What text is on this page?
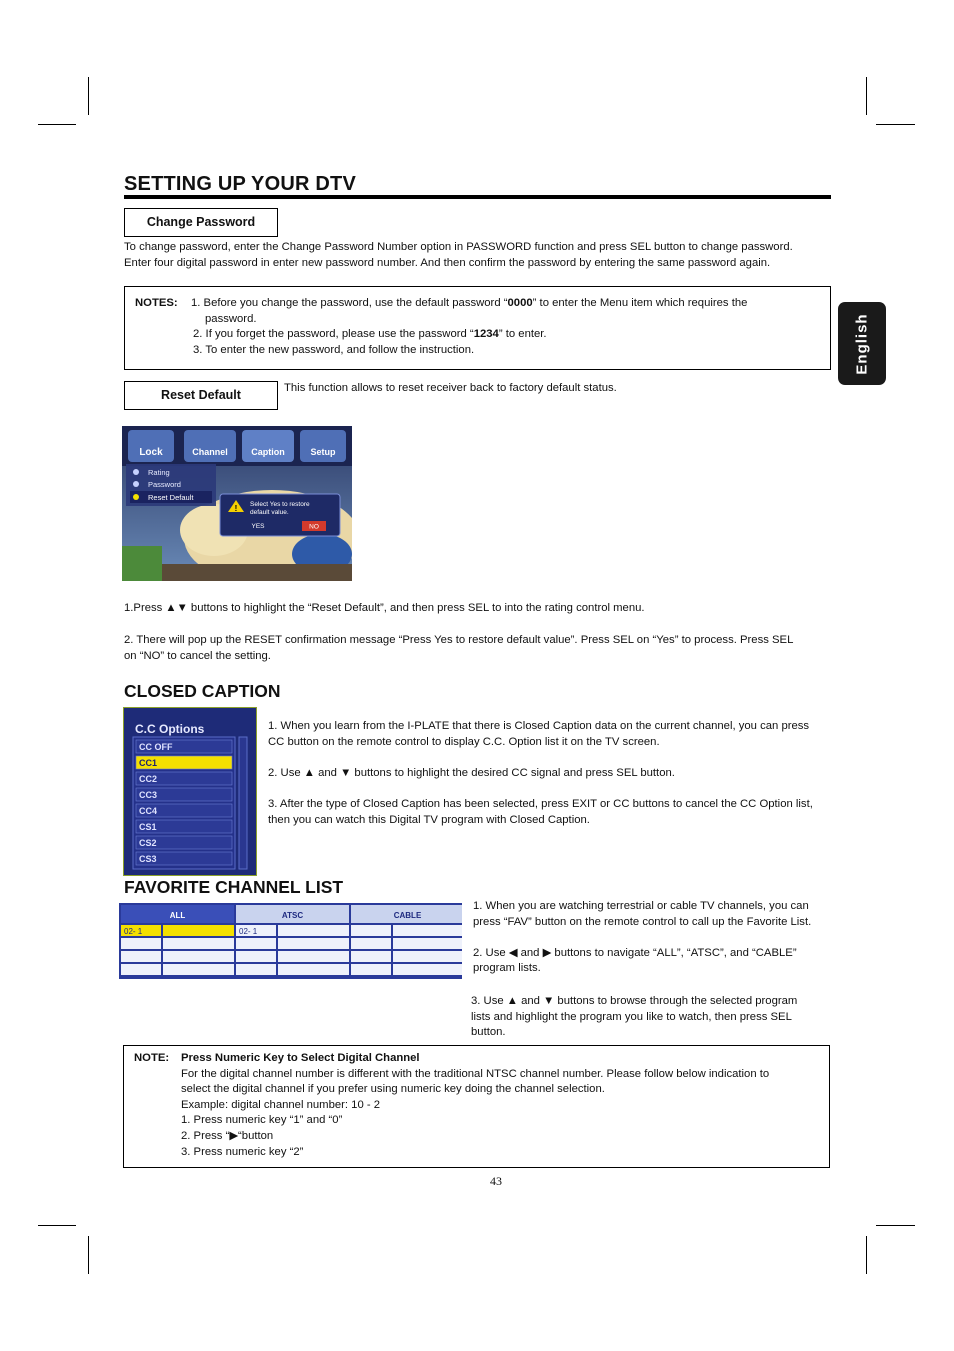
SETTING UP YOUR DTV
English
Change Password
To change password, enter the Change Password Number option in PASSWORD function and press SEL button to change password.
Enter four digital password in enter new password number. And then confirm the password by entering the same password again.
NOTES: 1. Before you change the password, use the default password “0000” to enter the Menu item which requires the
password.
2. If you forget the password, please use the password “1234” to enter.
3. To enter the new password, and follow the instruction.
Reset Default	This function allows to reset receiver back to factory default status.
Lock	Channel	Caption	Setup
Rating
Password
Reset Default
! Select Yes to restore
default value.
YES	NO
1.Press ▲▼ buttons to highlight the “Reset Default”, and then press SEL to into the rating control menu.
2. There will pop up the RESET confirmation message “Press Yes to restore default value”. Press SEL on “Yes” to process. Press SEL
on “NO” to cancel the setting.
CLOSED CAPTION
C.C Options
CC OFF
CC1
CC2
CC3
CC4
CS1
CS2
CS3
1. When you learn from the I-PLATE that there is Closed Caption data on the current channel, you can press
CC button on the remote control to display C.C. Option list it on the TV screen.
2. Use ▲ and ▼ buttons to highlight the desired CC signal and press SEL button.
3. After the type of Closed Caption has been selected, press EXIT or CC buttons to cancel the CC Option list,
then you can watch this Digital TV program with Closed Caption.
FAVORITE CHANNEL LIST
ALL
02- 1
ATSC
02- 1
CABLE
1. When you are watching terrestrial or cable TV channels, you can
press “FAV” button on the remote control to call up the Favorite List.
2. Use ◀ and ▶ buttons to navigate “ALL”, “ATSC”, and “CABLE”
program lists.
3. Use ▲ and ▼ buttons to browse through the selected program
lists and highlight the program you like to watch, then press SEL
button.
NOTE: Press Numeric Key to Select Digital Channel
For the digital channel number is different with the traditional NTSC channel number. Please follow below indication to
select the digital channel if you prefer using numeric key doing the channel selection.
Example: digital channel number: 10 - 2
1. Press numeric key “1” and “0”
2. Press “▶“button
3. Press numeric key “2”
43
